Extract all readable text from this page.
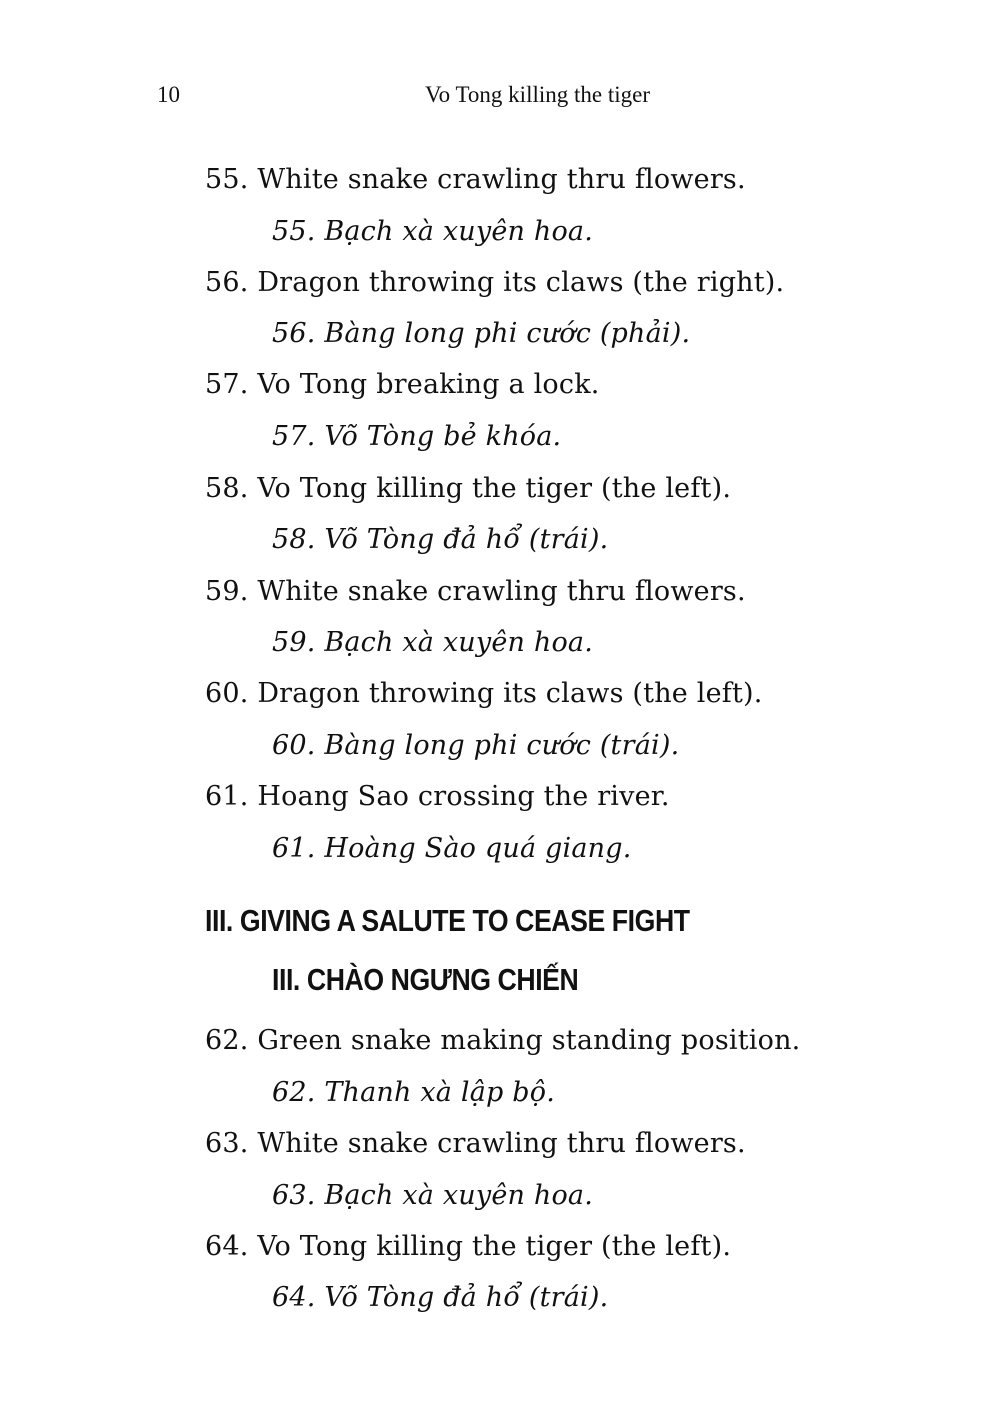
10	Vo Tong killing the tiger
55. White snake crawling thru flowers.
55. Bạch xà xuyên hoa.
56. Dragon throwing its claws (the right).
56. Bàng long phi cước (phải).
57. Vo Tong breaking a lock.
57. Võ Tòng bẻ khóa.
58. Vo Tong killing the tiger (the left).
58. Võ Tòng đả hổ (trái).
59. White snake crawling thru flowers.
59. Bạch xà xuyên hoa.
60. Dragon throwing its claws (the left).
60. Bàng long phi cước (trái).
61. Hoang Sao crossing the river.
61. Hoàng Sào quá giang.
III. GIVING A SALUTE TO CEASE FIGHT
III. CHÀO NGƯNG CHIẾN
62. Green snake making standing position.
62. Thanh xà lập bộ.
63. White snake crawling thru flowers.
63. Bạch xà xuyên hoa.
64. Vo Tong killing the tiger (the left).
64. Võ Tòng đả hổ (trái).
